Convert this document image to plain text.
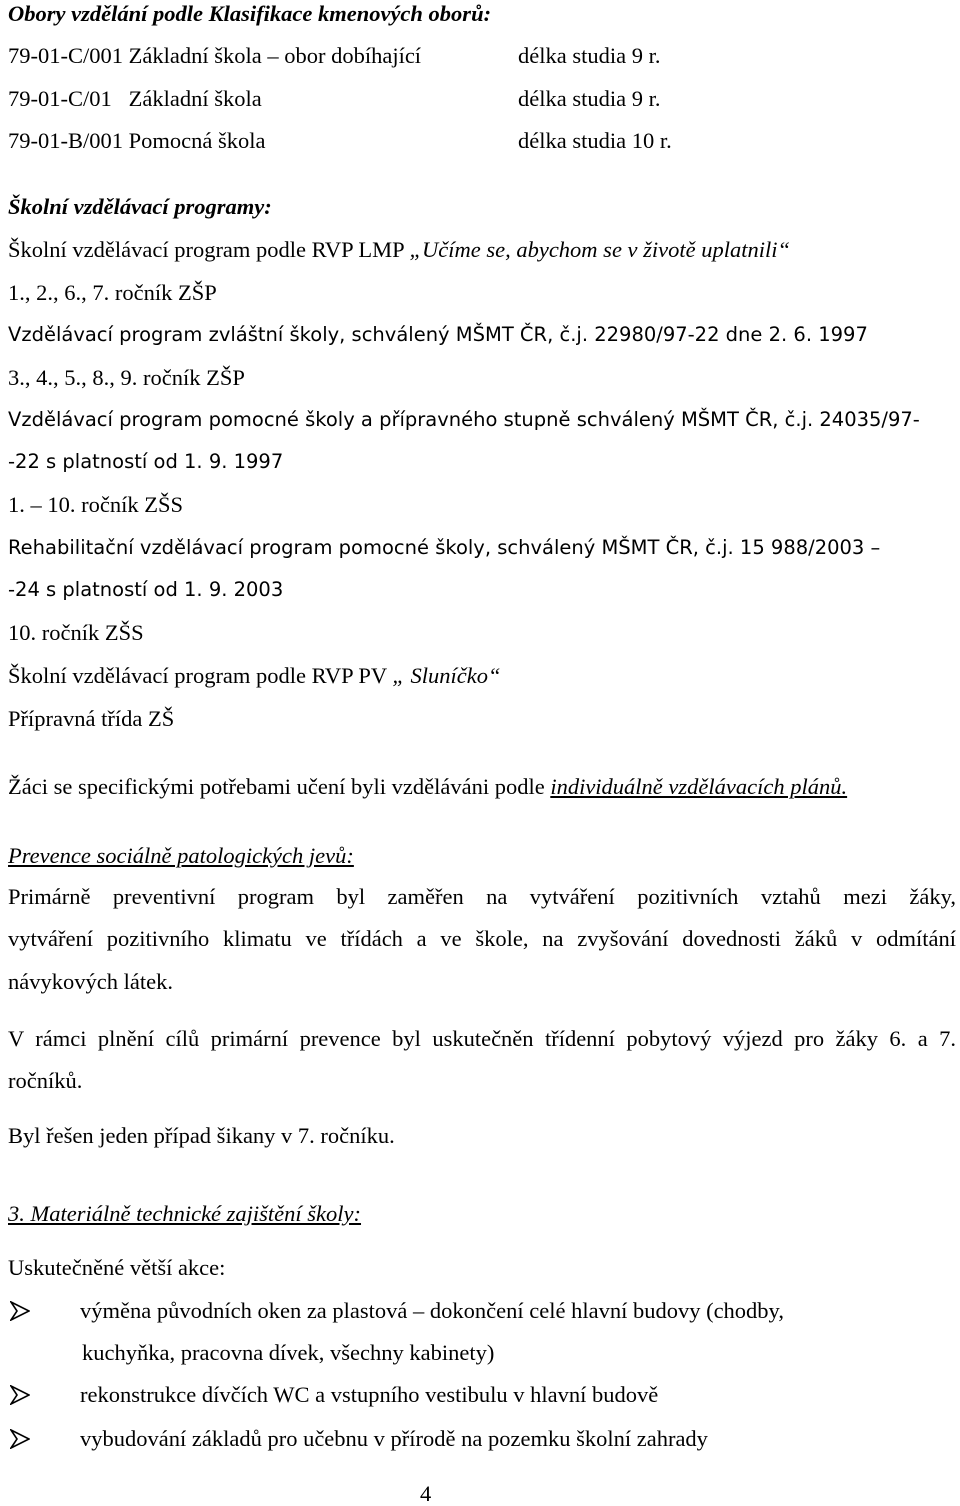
Obory vzdělání podle Klasifikace kmenových oborů:
79-01-C/001 Základní škola – obor dobíhající	délka studia 9 r.
79-01-C/01   Základní škola	délka studia 9 r.
79-01-B/001 Pomocná škola	délka studia 10 r.
Školní vzdělávací programy:
Školní vzdělávací program podle RVP LMP „Učíme se, abychom se v životě uplatnili“
1., 2., 6., 7. ročník ZŠP
Vzdělávací program zvláštní školy, schválený MŠMT ČR, č.j. 22980/97-22 dne 2. 6. 1997
3., 4., 5., 8., 9. ročník ZŠP
Vzdělávací program pomocné školy a přípravného stupně schválený MŠMT ČR, č.j. 24035/97-
-22 s platností od 1. 9. 1997
1. – 10. ročník ZŠS
Rehabilitační vzdělávací program pomocné školy, schválený MŠMT ČR, č.j. 15 988/2003 –
-24 s platností od 1. 9. 2003
10. ročník ZŠS
Školní vzdělávací program podle RVP PV „ Sluníčko“
Přípravná třída ZŠ
Žáci se specifickými potřebami učení byli vzděláváni podle individuálně vzdělávacích plánů.
Prevence sociálně patologických jevů:
Primárně preventivní program byl zaměřen na vytváření pozitivních vztahů mezi žáky,
vytváření pozitivního klimatu ve třídách a ve škole, na zvyšování dovednosti žáků v odmítání
návykových látek.
V rámci plnění cílů primární prevence byl uskutečněn třídenní pobytový výjezd pro žáky 6. a 7.
ročníků.
Byl řešen jeden případ šikany v 7. ročníku.
3. Materiálně technické zajištění školy:
Uskutečněné větší akce:
výměna původních oken za plastová – dokončení celé hlavní budovy (chodby,
kuchyňka, pracovna dívek, všechny kabinety)
rekonstrukce dívčích WC a vstupního vestibulu v hlavní budově
vybudování základů pro učebnu v přírodě na pozemku školní zahrady
4
